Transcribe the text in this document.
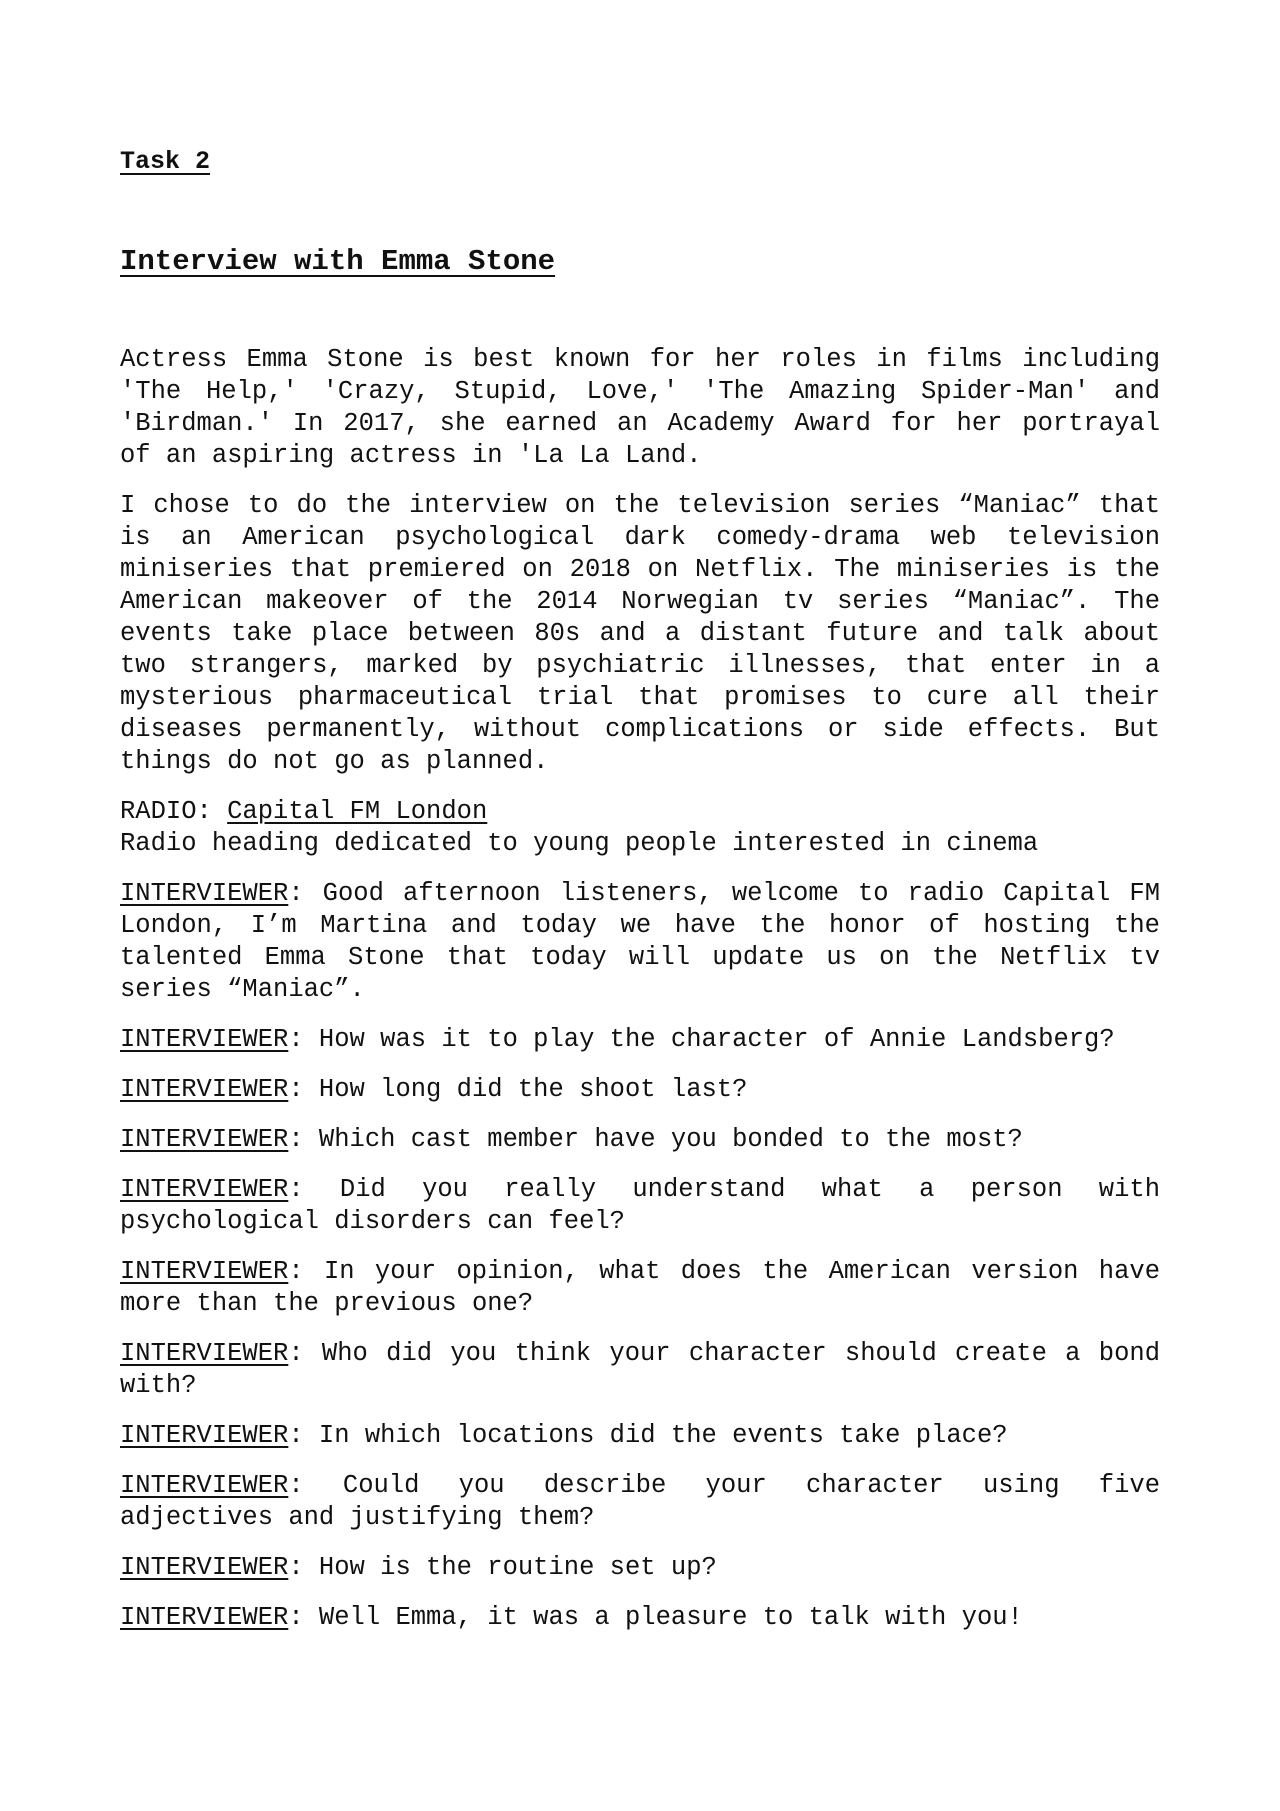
Task 2
Interview with Emma Stone

Actress Emma Stone is best known for her roles in films including 'The Help,' 'Crazy, Stupid, Love,' 'The Amazing Spider-Man' and 'Birdman.' In 2017, she earned an Academy Award for her portrayal of an aspiring actress in 'La La Land.

I chose to do the interview on the television series “Maniac” that is an American psychological dark comedy-drama web television miniseries that premiered on 2018 on Netflix. The miniseries is the American makeover of the 2014 Norwegian tv series “Maniac”. The events take place between 80s and a distant future and talk about two strangers, marked by psychiatric illnesses, that enter in a mysterious pharmaceutical trial that promises to cure all their diseases permanently, without complications or side effects. But things do not go as planned.

RADIO: Capital FM London

Radio heading dedicated to young people interested in cinema

INTERVIEWER: Good afternoon listeners, welcome to radio Capital FM London, I’m Martina and today we have the honor of hosting the talented Emma Stone that today will update us on the Netflix tv series “Maniac”.

INTERVIEWER: How was it to play the character of Annie Landsberg?

INTERVIEWER: How long did the shoot last?

INTERVIEWER: Which cast member have you bonded to the most?

INTERVIEWER: Did you really understand what a person with psychological disorders can feel?

INTERVIEWER: In your opinion, what does the American version have more than the previous one?

INTERVIEWER: Who did you think your character should create a bond with?

INTERVIEWER: In which locations did the events take place?

INTERVIEWER: Could you describe your character using five adjectives and justifying them?

INTERVIEWER: How is the routine set up?

INTERVIEWER: Well Emma, it was a pleasure to talk with you!
